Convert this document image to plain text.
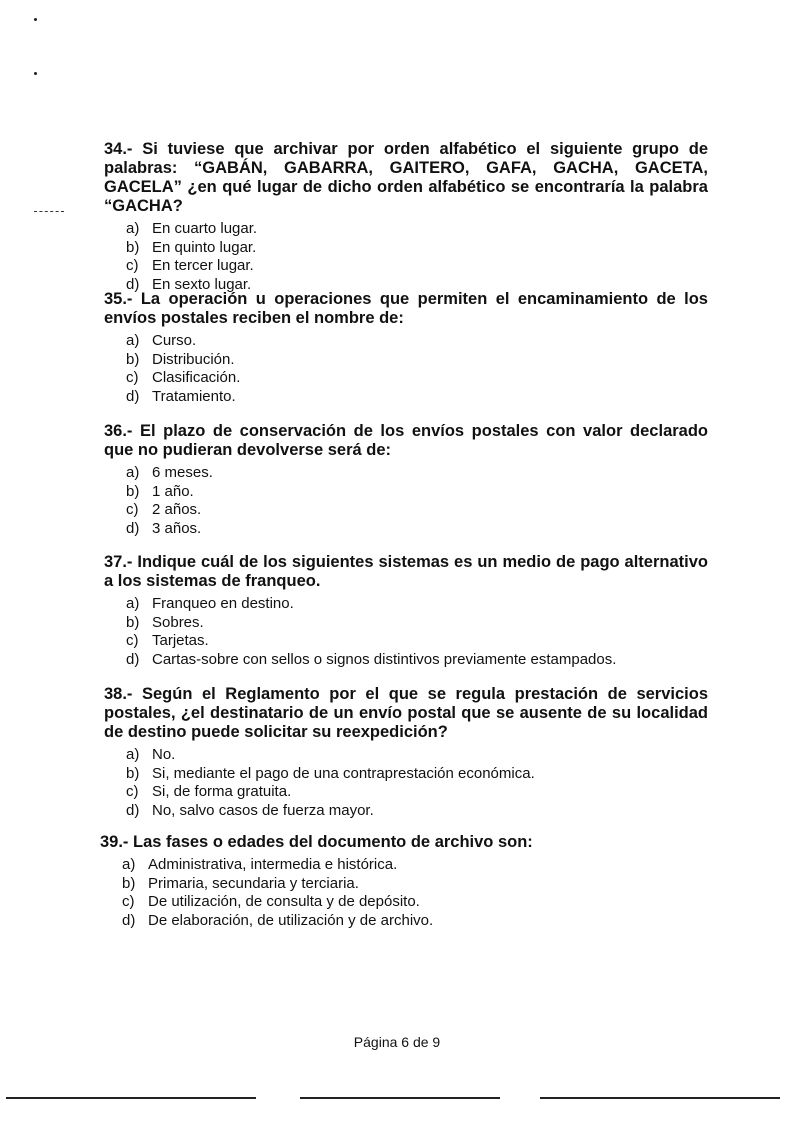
34.- Si tuviese que archivar por orden alfabético el siguiente grupo de palabras: “GABÁN, GABARRA, GAITERO, GAFA, GACHA, GACETA, GACELA” ¿en qué lugar de dicho orden alfabético se encontraría la palabra “GACHA?

a) En cuarto lugar.
b) En quinto lugar.
c) En tercer lugar.
d) En sexto lugar.

35.- La operación u operaciones que permiten el encaminamiento de los envíos postales reciben el nombre de:

a) Curso.
b) Distribución.
c) Clasificación.
d) Tratamiento.

36.- El plazo de conservación de los envíos postales con valor declarado que no pudieran devolverse será de:

a) 6 meses.
b) 1 año.
c) 2 años.
d) 3 años.

37.- Indique cuál de los siguientes sistemas es un medio de pago alternativo a los sistemas de franqueo.

a) Franqueo en destino.
b) Sobres.
c) Tarjetas.
d) Cartas-sobre con sellos o signos distintivos previamente estampados.

38.- Según el Reglamento por el que se regula prestación de servicios postales, ¿el destinatario de un envío postal que se ausente de su localidad de destino puede solicitar su reexpedición?

a) No.
b) Si, mediante el pago de una contraprestación económica.
c) Si, de forma gratuita.
d) No, salvo casos de fuerza mayor.

39.- Las fases o edades del documento de archivo son:

a) Administrativa, intermedia e histórica.
b) Primaria, secundaria y terciaria.
c) De utilización, de consulta y de depósito.
d) De elaboración, de utilización y de archivo.
Página 6 de 9
